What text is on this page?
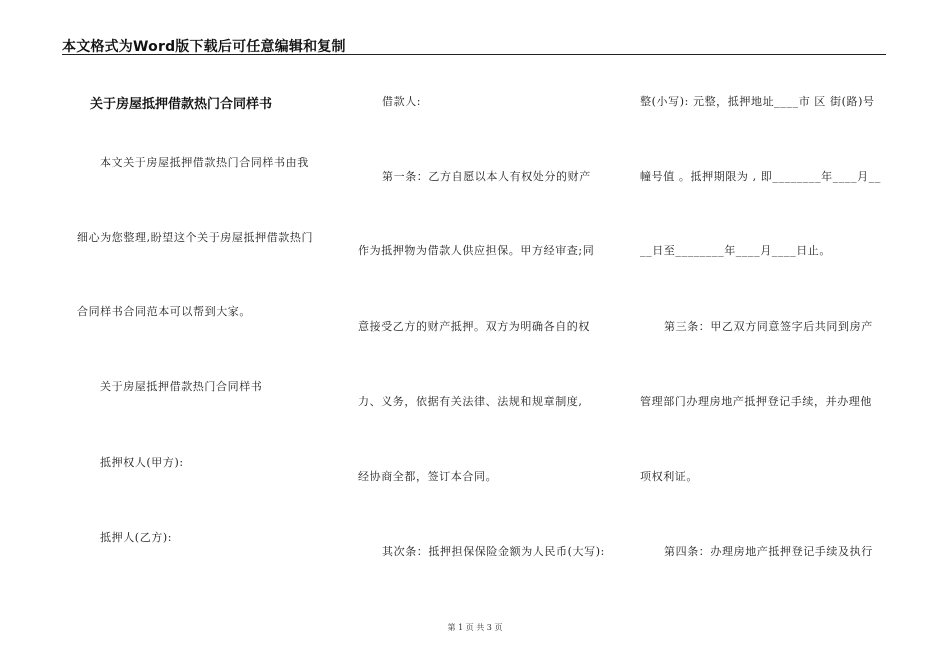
本文格式为Word版下载后可任意编辑和复制
关于房屋抵押借款热门合同样书
本文关于房屋抵押借款热门合同样书由我
细心为您整理,盼望这个关于房屋抵押借款热门
合同样书合同范本可以帮到大家。
关于房屋抵押借款热门合同样书
抵押权人(甲方):
抵押人(乙方):
借款人:
第一条：乙方自愿以本人有权处分的财产
作为抵押物为借款人供应担保。甲方经审查;同
意接受乙方的财产抵押。双方为明确各自的权
力、义务，依据有关法律、法规和规章制度,
经协商全都，签订本合同。
其次条：抵押担保保险金额为人民币(大写):
整(小写): 元整，抵押地址____市 区 街(路)号
幢号值 。抵押期限为 , 即________年____月__
__日至________年____月____日止。
第三条：甲乙双方同意签字后共同到房产
管理部门办理房地产抵押登记手续，并办理他
项权利证。
第四条：办理房地产抵押登记手续及执行
第 1 页 共 3 页
